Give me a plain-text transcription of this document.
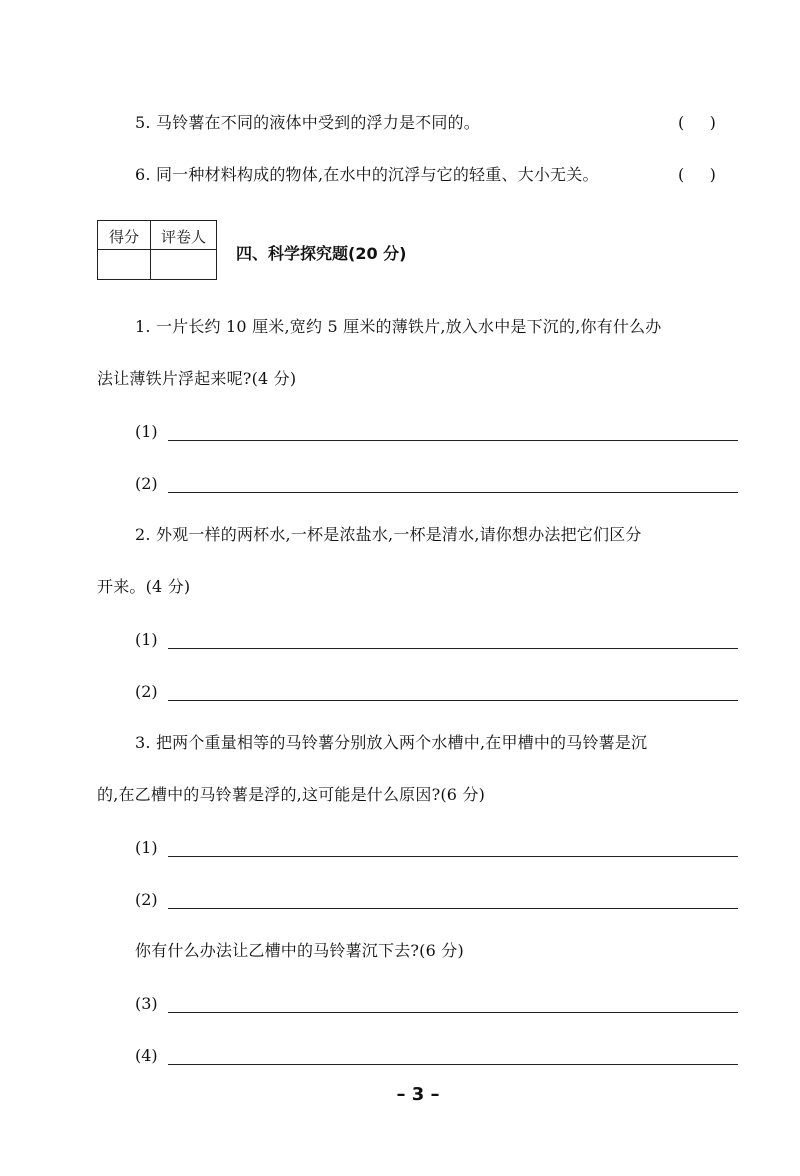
5. 马铃薯在不同的液体中受到的浮力是不同的。	(     )
6. 同一种材料构成的物体,在水中的沉浮与它的轻重、大小无关。	(     )
得分	评卷人
四、科学探究题(20 分)
1. 一片长约 10 厘米,宽约 5 厘米的薄铁片,放入水中是下沉的,你有什么办
法让薄铁片浮起来呢?(4 分)
(1)
(2)
2. 外观一样的两杯水,一杯是浓盐水,一杯是清水,请你想办法把它们区分
开来。(4 分)
(1)
(2)
3. 把两个重量相等的马铃薯分别放入两个水槽中,在甲槽中的马铃薯是沉
的,在乙槽中的马铃薯是浮的,这可能是什么原因?(6 分)
(1)
(2)
你有什么办法让乙槽中的马铃薯沉下去?(6 分)
(3)
(4)
– 3 –
